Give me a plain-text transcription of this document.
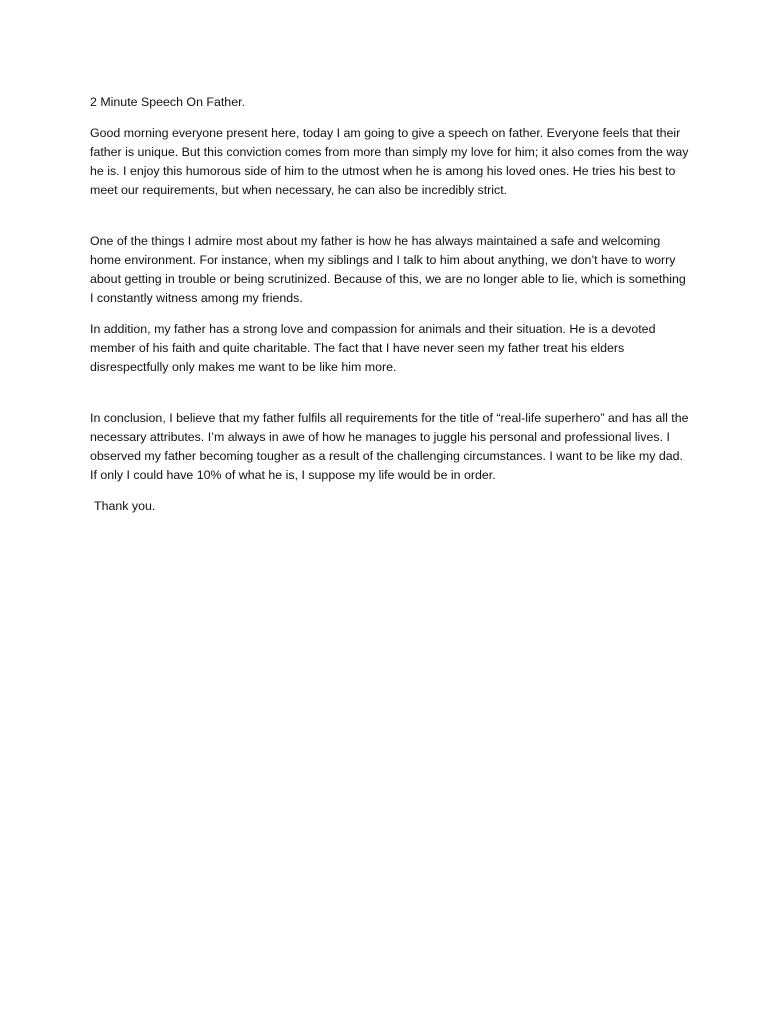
2 Minute Speech On Father.

Good morning everyone present here, today I am going to give a speech on father. Everyone feels that their father is unique. But this conviction comes from more than simply my love for him; it also comes from the way he is. I enjoy this humorous side of him to the utmost when he is among his loved ones. He tries his best to meet our requirements, but when necessary, he can also be incredibly strict.

One of the things I admire most about my father is how he has always maintained a safe and welcoming home environment. For instance, when my siblings and I talk to him about anything, we don’t have to worry about getting in trouble or being scrutinized. Because of this, we are no longer able to lie, which is something I constantly witness among my friends.

In addition, my father has a strong love and compassion for animals and their situation. He is a devoted member of his faith and quite charitable. The fact that I have never seen my father treat his elders disrespectfully only makes me want to be like him more.

In conclusion, I believe that my father fulfils all requirements for the title of “real-life superhero” and has all the necessary attributes. I’m always in awe of how he manages to juggle his personal and professional lives. I observed my father becoming tougher as a result of the challenging circumstances. I want to be like my dad. If only I could have 10% of what he is, I suppose my life would be in order.

Thank you.
